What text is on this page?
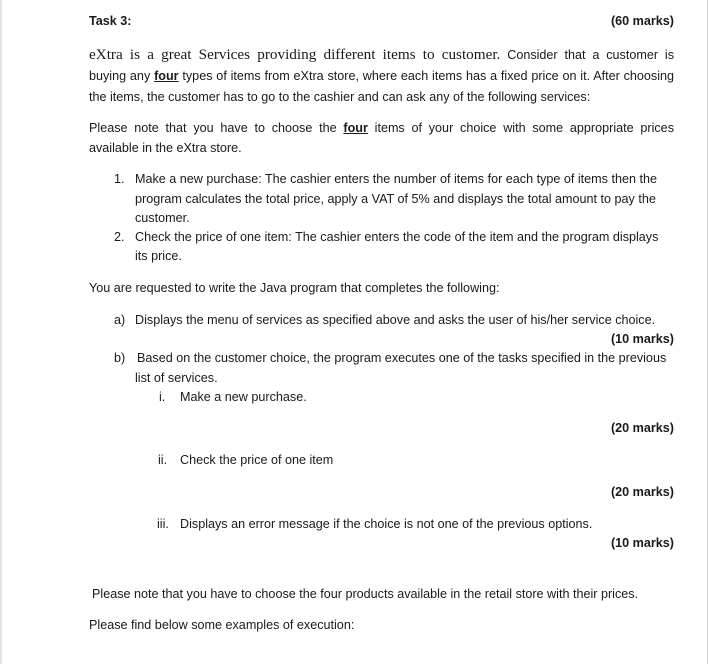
Task 3:	(60 marks)
eXtra is a great Services providing different items to customer. Consider that a customer is
buying any four types of items from eXtra store, where each items has a fixed price on it. After choosing
the items, the customer has to go to the cashier and can ask any of the following services:
Please note that you have to choose the four items of your choice with some appropriate prices
available in the eXtra store.
1. Make a new purchase: The cashier enters the number of items for each type of items then the
program calculates the total price, apply a VAT of 5% and displays the total amount to pay the
customer.
2. Check the price of one item: The cashier enters the code of the item and the program displays
its price.
You are requested to write the Java program that completes the following:
a) Displays the menu of services as specified above and asks the user of his/her service choice.
(10 marks)
b) Based on the customer choice, the program executes one of the tasks specified in the previous
list of services.
i. Make a new purchase.
(20 marks)
ii. Check the price of one item
(20 marks)
iii. Displays an error message if the choice is not one of the previous options.
(10 marks)
Please note that you have to choose the four products available in the retail store with their prices.
Please find below some examples of execution:
